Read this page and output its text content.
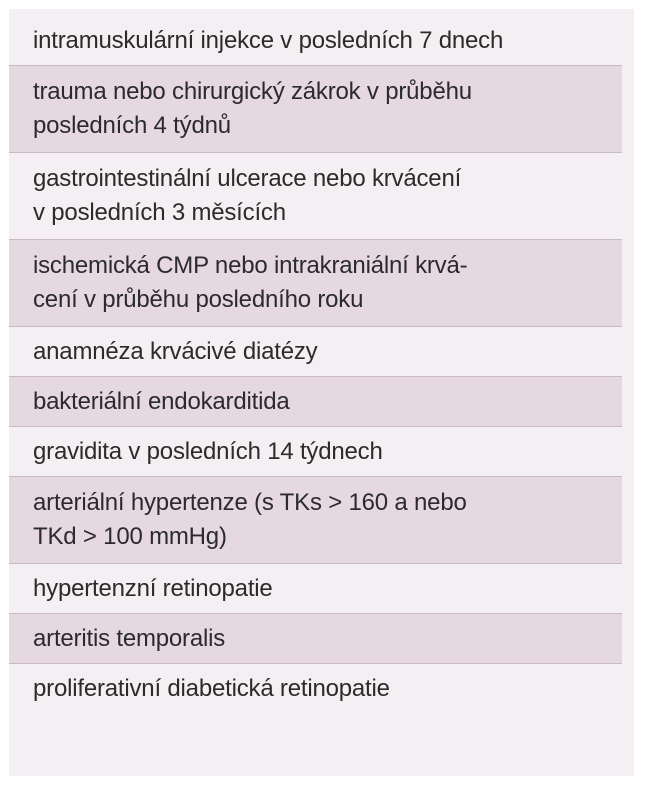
intramuskulární injekce v posledních 7 dnech
trauma nebo chirurgický zákrok v průběhu
posledních 4 týdnů
gastrointestinální ulcerace nebo krvácení
v posledních 3 měsících
ischemická CMP nebo intrakraniální krvá-
cení v průběhu posledního roku
anamnéza krvácivé diatézy
bakteriální endokarditida
gravidita v posledních 14 týdnech
arteriální hypertenze (s TKs > 160 a nebo
TKd > 100 mmHg)
hypertenzní retinopatie
arteritis temporalis
proliferativní diabetická retinopatie
